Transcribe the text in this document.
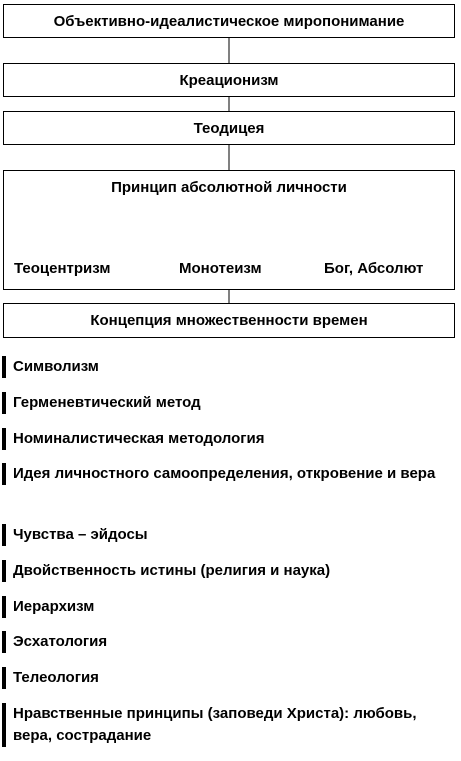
Объективно-идеалистическое миропонимание
Креационизм
Теодицея
Принцип абсолютной личности
Теоцентризм	Монотеизм	Бог, Абсолют
Концепция множественности времен
Символизм
Герменевтический метод
Номиналистическая методология
Идея личностного самоопределения, откровение и вера
Чувства – эйдосы
Двойственность истины (религия и наука)
Иерархизм
Эсхатология
Телеология
Нравственные принципы (заповеди Христа): любовь, вера, сострадание
